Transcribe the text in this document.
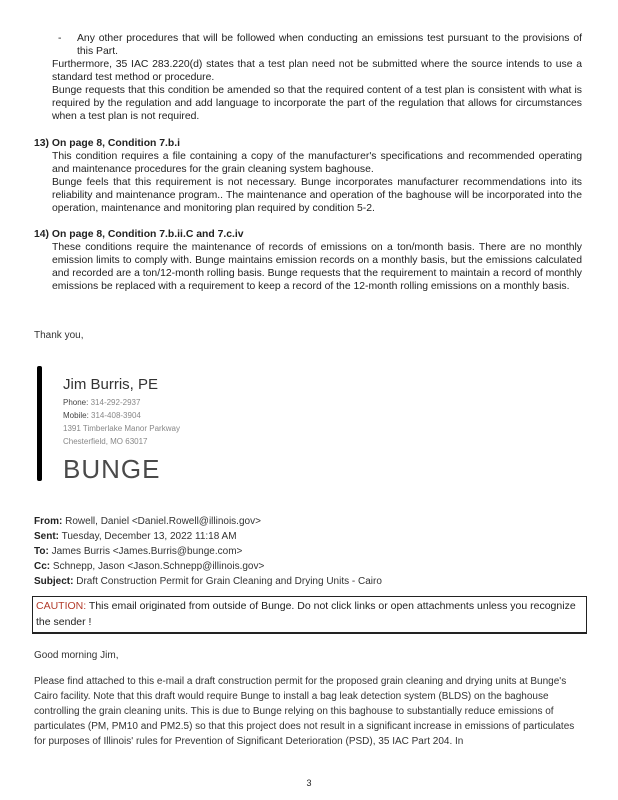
- Any other procedures that will be followed when conducting an emissions test pursuant to the provisions of this Part.
Furthermore, 35 IAC 283.220(d) states that a test plan need not be submitted where the source intends to use a standard test method or procedure.
Bunge requests that this condition be amended so that the required content of a test plan is consistent with what is required by the regulation and add language to incorporate the part of the regulation that allows for circumstances when a test plan is not required.
13) On page 8, Condition 7.b.i
This condition requires a file containing a copy of the manufacturer's specifications and recommended operating and maintenance procedures for the grain cleaning system baghouse.
Bunge feels that this requirement is not necessary. Bunge incorporates manufacturer recommendations into its reliability and maintenance program.. The maintenance and operation of the baghouse will be incorporated into the operation, maintenance and monitoring plan required by condition 5-2.
14) On page 8, Condition 7.b.ii.C and 7.c.iv
These conditions require the maintenance of records of emissions on a ton/month basis. There are no monthly emission limits to comply with. Bunge maintains emission records on a monthly basis, but the emissions calculated and recorded are a ton/12-month rolling basis. Bunge requests that the requirement to maintain a record of monthly emissions be replaced with a requirement to keep a record of the 12-month rolling emissions on a monthly basis.
Thank you,
Jim Burris, PE
Phone: 314-292-2937
Mobile: 314-408-3904
1391 Timberlake Manor Parkway
Chesterfield, MO 63017
BUNGE
From: Rowell, Daniel <Daniel.Rowell@illinois.gov>
Sent: Tuesday, December 13, 2022 11:18 AM
To: James Burris <James.Burris@bunge.com>
Cc: Schnepp, Jason <Jason.Schnepp@illinois.gov>
Subject: Draft Construction Permit for Grain Cleaning and Drying Units - Cairo
CAUTION: This email originated from outside of Bunge. Do not click links or open attachments unless you recognize the sender !
Good morning Jim,
Please find attached to this e-mail a draft construction permit for the proposed grain cleaning and drying units at Bunge's Cairo facility. Note that this draft would require Bunge to install a bag leak detection system (BLDS) on the baghouse controlling the grain cleaning units. This is due to Bunge relying on this baghouse to substantially reduce emissions of particulates (PM, PM10 and PM2.5) so that this project does not result in a significant increase in emissions of particulates for purposes of Illinois' rules for Prevention of Significant Deterioration (PSD), 35 IAC Part 204. In
3
